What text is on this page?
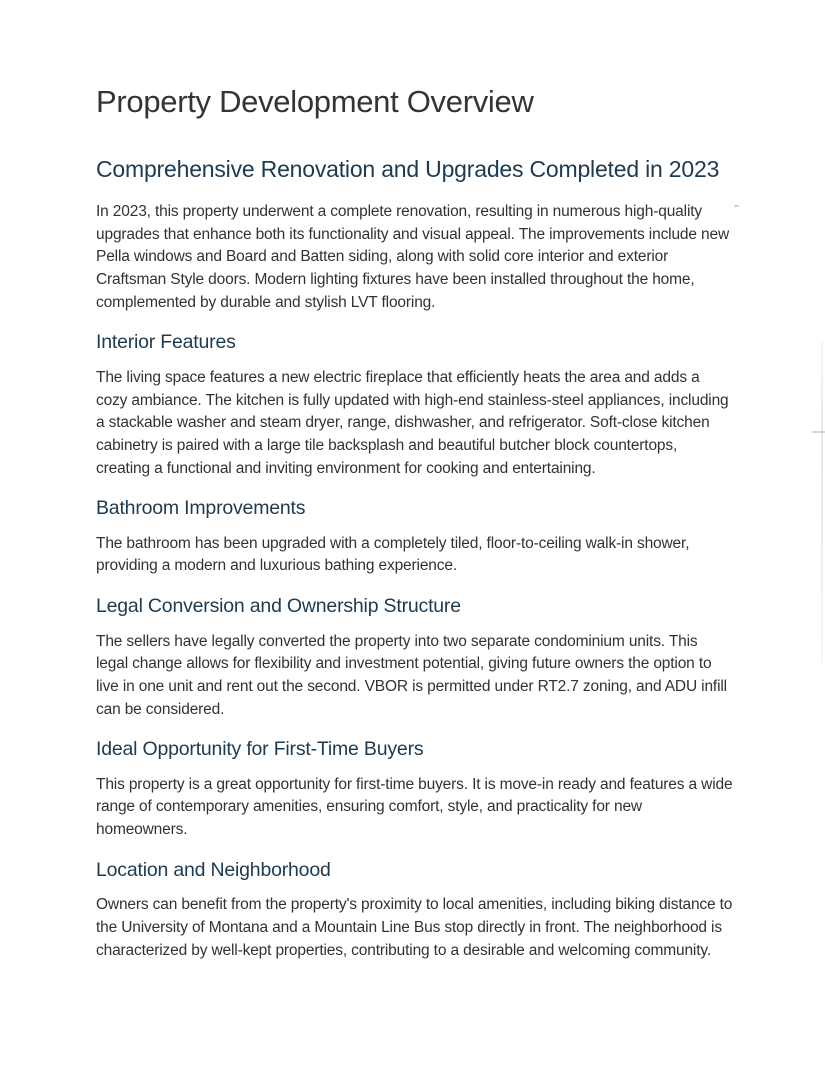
Property Development Overview
Comprehensive Renovation and Upgrades Completed in 2023

In 2023, this property underwent a complete renovation, resulting in numerous high-quality upgrades that enhance both its functionality and visual appeal. The improvements include new Pella windows and Board and Batten siding, along with solid core interior and exterior Craftsman Style doors. Modern lighting fixtures have been installed throughout the home, complemented by durable and stylish LVT flooring.

Interior Features

The living space features a new electric fireplace that efficiently heats the area and adds a cozy ambiance. The kitchen is fully updated with high-end stainless-steel appliances, including a stackable washer and steam dryer, range, dishwasher, and refrigerator. Soft-close kitchen cabinetry is paired with a large tile backsplash and beautiful butcher block countertops, creating a functional and inviting environment for cooking and entertaining.

Bathroom Improvements

The bathroom has been upgraded with a completely tiled, floor-to-ceiling walk-in shower, providing a modern and luxurious bathing experience.

Legal Conversion and Ownership Structure

The sellers have legally converted the property into two separate condominium units. This legal change allows for flexibility and investment potential, giving future owners the option to live in one unit and rent out the second. VBOR is permitted under RT2.7 zoning, and ADU infill can be considered.

Ideal Opportunity for First-Time Buyers

This property is a great opportunity for first-time buyers. It is move-in ready and features a wide range of contemporary amenities, ensuring comfort, style, and practicality for new homeowners.

Location and Neighborhood

Owners can benefit from the property's proximity to local amenities, including biking distance to the University of Montana and a Mountain Line Bus stop directly in front. The neighborhood is characterized by well-kept properties, contributing to a desirable and welcoming community.
